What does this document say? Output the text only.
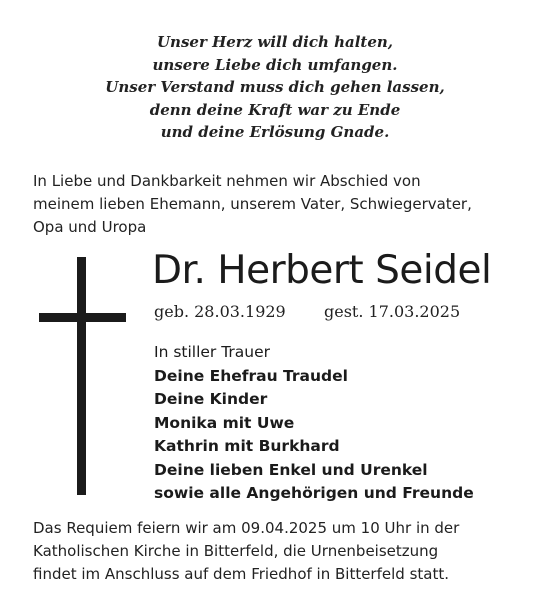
Unser Herz will dich halten,
unsere Liebe dich umfangen.
Unser Verstand muss dich gehen lassen,
denn deine Kraft war zu Ende
und deine Erlösung Gnade.
In Liebe und Dankbarkeit nehmen wir Abschied von
meinem lieben Ehemann, unserem Vater, Schwiegervater,
Opa und Uropa
Dr. Herbert Seidel
geb. 28.03.1929 gest. 17.03.2025
In stiller Trauer
Deine Ehefrau Traudel
Deine Kinder
Monika mit Uwe
Kathrin mit Burkhard
Deine lieben Enkel und Urenkel
sowie alle Angehörigen und Freunde
Das Requiem feiern wir am 09.04.2025 um 10 Uhr in der
Katholischen Kirche in Bitterfeld, die Urnenbeisetzung
findet im Anschluss auf dem Friedhof in Bitterfeld statt.
